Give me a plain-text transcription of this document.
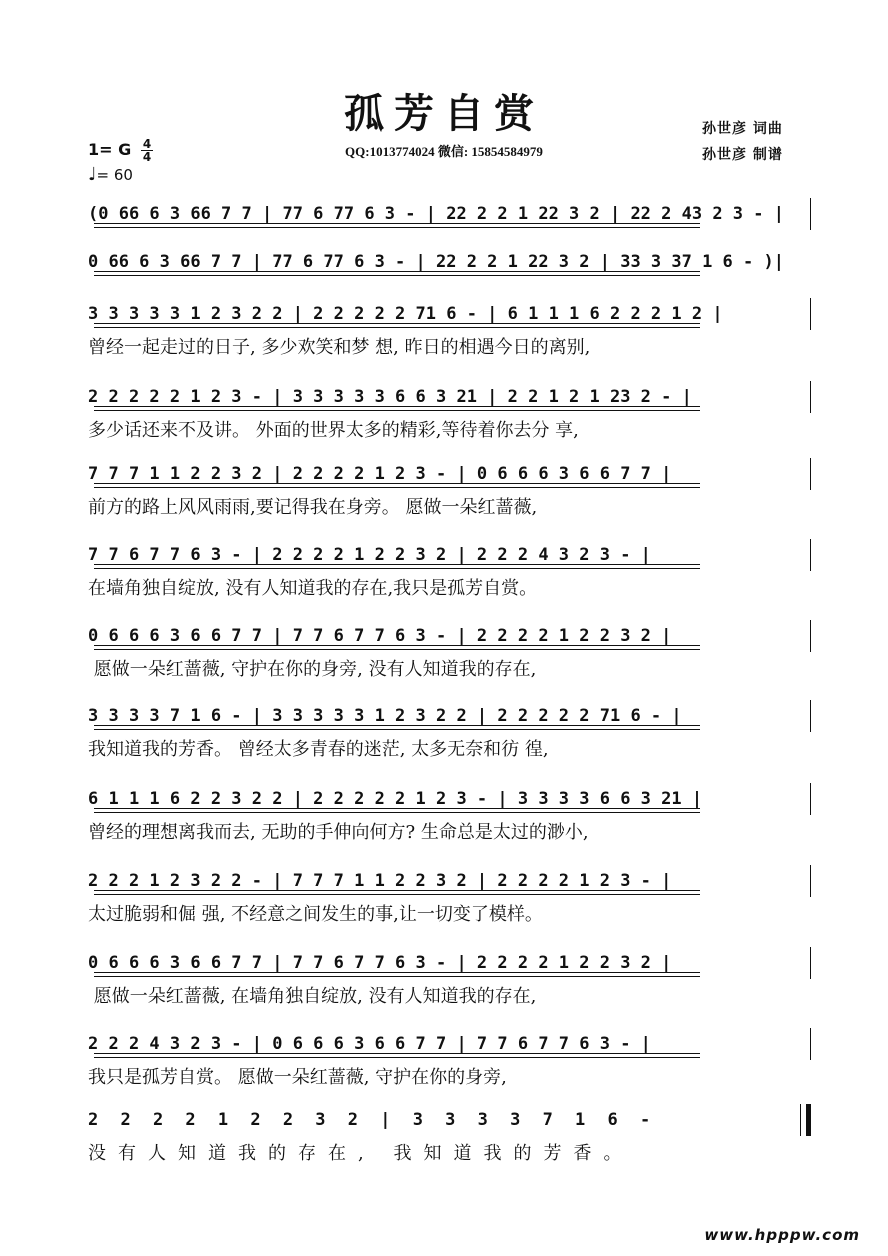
孤芳自赏
QQ:1013774024 微信: 15854584979
孙世彦 词曲
孙世彦 制谱
1= G 4
4
♩= 60
(0 66 6 3 66 7 7 | 77 6 77 6 3 - | 22 2 2 1 22 3 2 | 22 2 43 2 3 - |
0 66 6 3 66 7 7 | 77 6 77 6 3 - | 22 2 2 1 22 3 2 | 33 3 37 1 6 - )|
3 3 3 3 3 1 2 3 2 2 | 2 2 2 2 2 71 6 - | 6 1 1 1 6 2 2 2 1 2 |
曾经一起走过的日子, 多少欢笑和梦 想, 昨日的相遇今日的离别,
2 2 2 2 2 1 2 3 - | 3 3 3 3 3 6 6 3 21 | 2 2 1 2 1 23 2 - |
多少话还来不及讲。 外面的世界太多的精彩,等待着你去分 享,
7 7 7 1 1 2 2 3 2 | 2 2 2 2 1 2 3 - | 0 6 6 6 3 6 6 7 7 |
前方的路上风风雨雨,要记得我在身旁。 愿做一朵红蔷薇,
7 7 6 7 7 6 3 - | 2 2 2 2 1 2 2 3 2 | 2 2 2 4 3 2 3 - |
在墙角独自绽放, 没有人知道我的存在,我只是孤芳自赏。
0 6 6 6 3 6 6 7 7 | 7 7 6 7 7 6 3 - | 2 2 2 2 1 2 2 3 2 |
愿做一朵红蔷薇, 守护在你的身旁, 没有人知道我的存在,
3 3 3 3 7 1 6 - | 3 3 3 3 3 1 2 3 2 2 | 2 2 2 2 2 71 6 - |
我知道我的芳香。 曾经太多青春的迷茫, 太多无奈和彷 徨,
6 1 1 1 6 2 2 3 2 2 | 2 2 2 2 2 1 2 3 - | 3 3 3 3 6 6 3 21 |
曾经的理想离我而去, 无助的手伸向何方? 生命总是太过的渺小,
2 2 2 1 2 3 2 2 - | 7 7 7 1 1 2 2 3 2 | 2 2 2 2 1 2 3 - |
太过脆弱和倔 强, 不经意之间发生的事,让一切变了模样。
0 6 6 6 3 6 6 7 7 | 7 7 6 7 7 6 3 - | 2 2 2 2 1 2 2 3 2 |
愿做一朵红蔷薇, 在墙角独自绽放, 没有人知道我的存在,
2 2 2 4 3 2 3 - | 0 6 6 6 3 6 6 7 7 | 7 7 6 7 7 6 3 - |
我只是孤芳自赏。 愿做一朵红蔷薇, 守护在你的身旁,
2 2 2 2 1 2 2 3 2 | 3 3 3 3 7 1 6 -
没有人知道我的存在, 我知道我的芳香。
www.hpppw.com
